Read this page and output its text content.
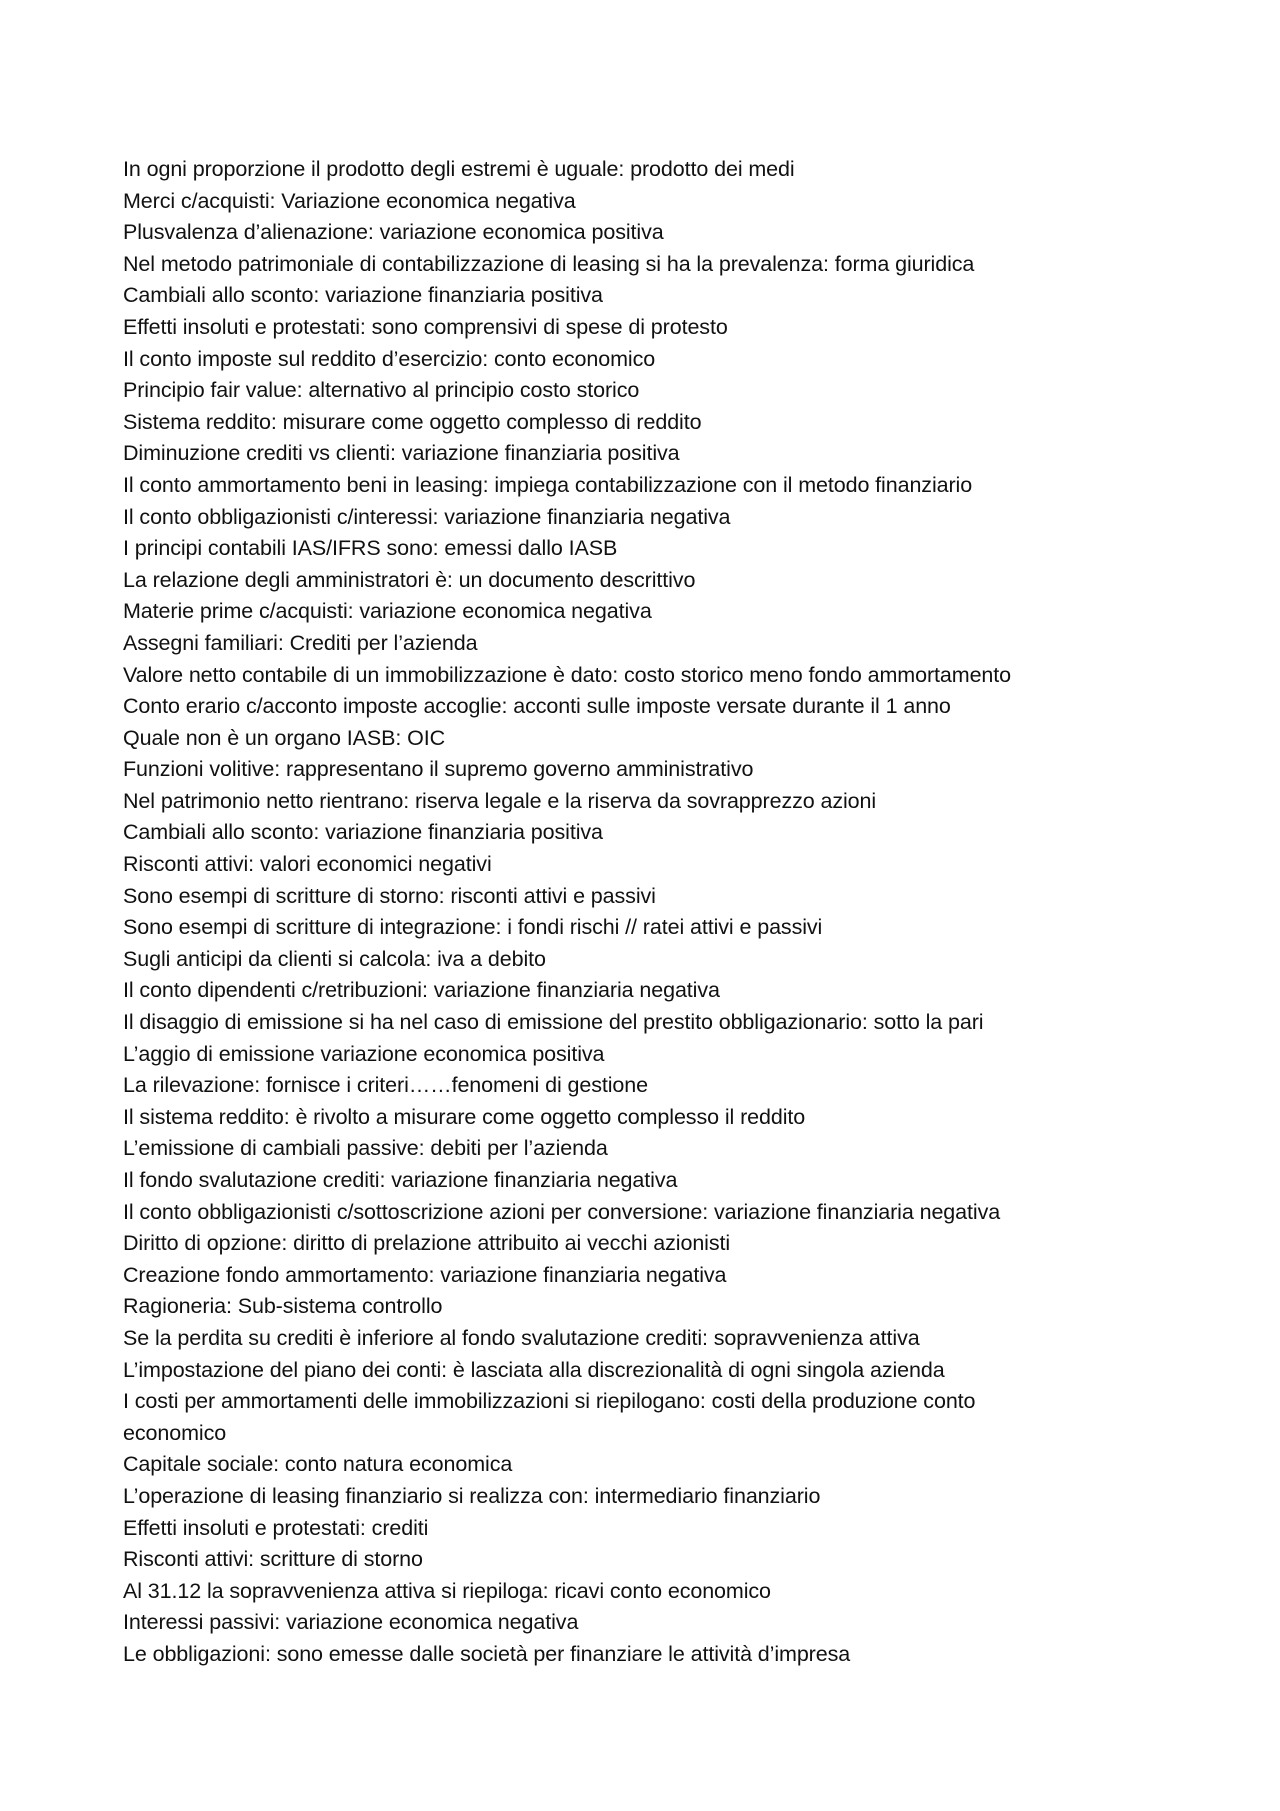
In ogni proporzione il prodotto degli estremi è uguale: prodotto dei medi
Merci c/acquisti: Variazione economica negativa
Plusvalenza d’alienazione: variazione economica positiva
Nel metodo patrimoniale di contabilizzazione di leasing si ha la prevalenza: forma giuridica
Cambiali allo sconto: variazione finanziaria positiva
Effetti insoluti e protestati: sono comprensivi di spese di protesto
Il conto imposte sul reddito d’esercizio: conto economico
Principio fair value: alternativo al principio costo storico
Sistema reddito: misurare come oggetto complesso di reddito
Diminuzione crediti vs clienti: variazione finanziaria positiva
Il conto ammortamento beni in leasing: impiega contabilizzazione con il metodo finanziario
Il conto obbligazionisti c/interessi: variazione finanziaria negativa
I principi contabili IAS/IFRS sono: emessi dallo IASB
La relazione degli amministratori è: un documento descrittivo
Materie prime c/acquisti: variazione economica negativa
Assegni familiari: Crediti per l’azienda
Valore netto contabile di un immobilizzazione è dato: costo storico meno fondo ammortamento
Conto erario c/acconto imposte accoglie: acconti sulle imposte versate durante il 1 anno
Quale non è un organo IASB: OIC
Funzioni volitive: rappresentano il supremo governo amministrativo
Nel patrimonio netto rientrano: riserva legale e la riserva da sovrapprezzo azioni
Cambiali allo sconto: variazione finanziaria positiva
Risconti attivi: valori economici negativi
Sono esempi di scritture di storno: risconti attivi e passivi
Sono esempi di scritture di integrazione: i fondi rischi // ratei attivi e passivi
Sugli anticipi da clienti si calcola: iva a debito
Il conto dipendenti c/retribuzioni: variazione finanziaria negativa
Il disaggio di emissione si ha nel caso di emissione del prestito obbligazionario: sotto la pari
L’aggio di emissione variazione economica positiva
La rilevazione: fornisce i criteri……fenomeni di gestione
Il sistema reddito: è rivolto a misurare come oggetto complesso il reddito
L’emissione di cambiali passive: debiti per l’azienda
Il fondo svalutazione crediti: variazione finanziaria negativa
Il conto obbligazionisti c/sottoscrizione azioni per conversione: variazione finanziaria negativa
Diritto di opzione: diritto di prelazione attribuito ai vecchi azionisti
Creazione fondo ammortamento: variazione finanziaria negativa
Ragioneria: Sub-sistema controllo
Se la perdita su crediti è inferiore al fondo svalutazione crediti: sopravvenienza attiva
L’impostazione del piano dei conti: è lasciata alla discrezionalità di ogni singola azienda
I costi per ammortamenti delle immobilizzazioni si riepilogano: costi della produzione conto
economico
Capitale sociale: conto natura economica
L’operazione di leasing finanziario si realizza con: intermediario finanziario
Effetti insoluti e protestati: crediti
Risconti attivi: scritture di storno
Al 31.12 la sopravvenienza attiva si riepiloga: ricavi conto economico
Interessi passivi: variazione economica negativa
Le obbligazioni: sono emesse dalle società per finanziare le attività d’impresa
